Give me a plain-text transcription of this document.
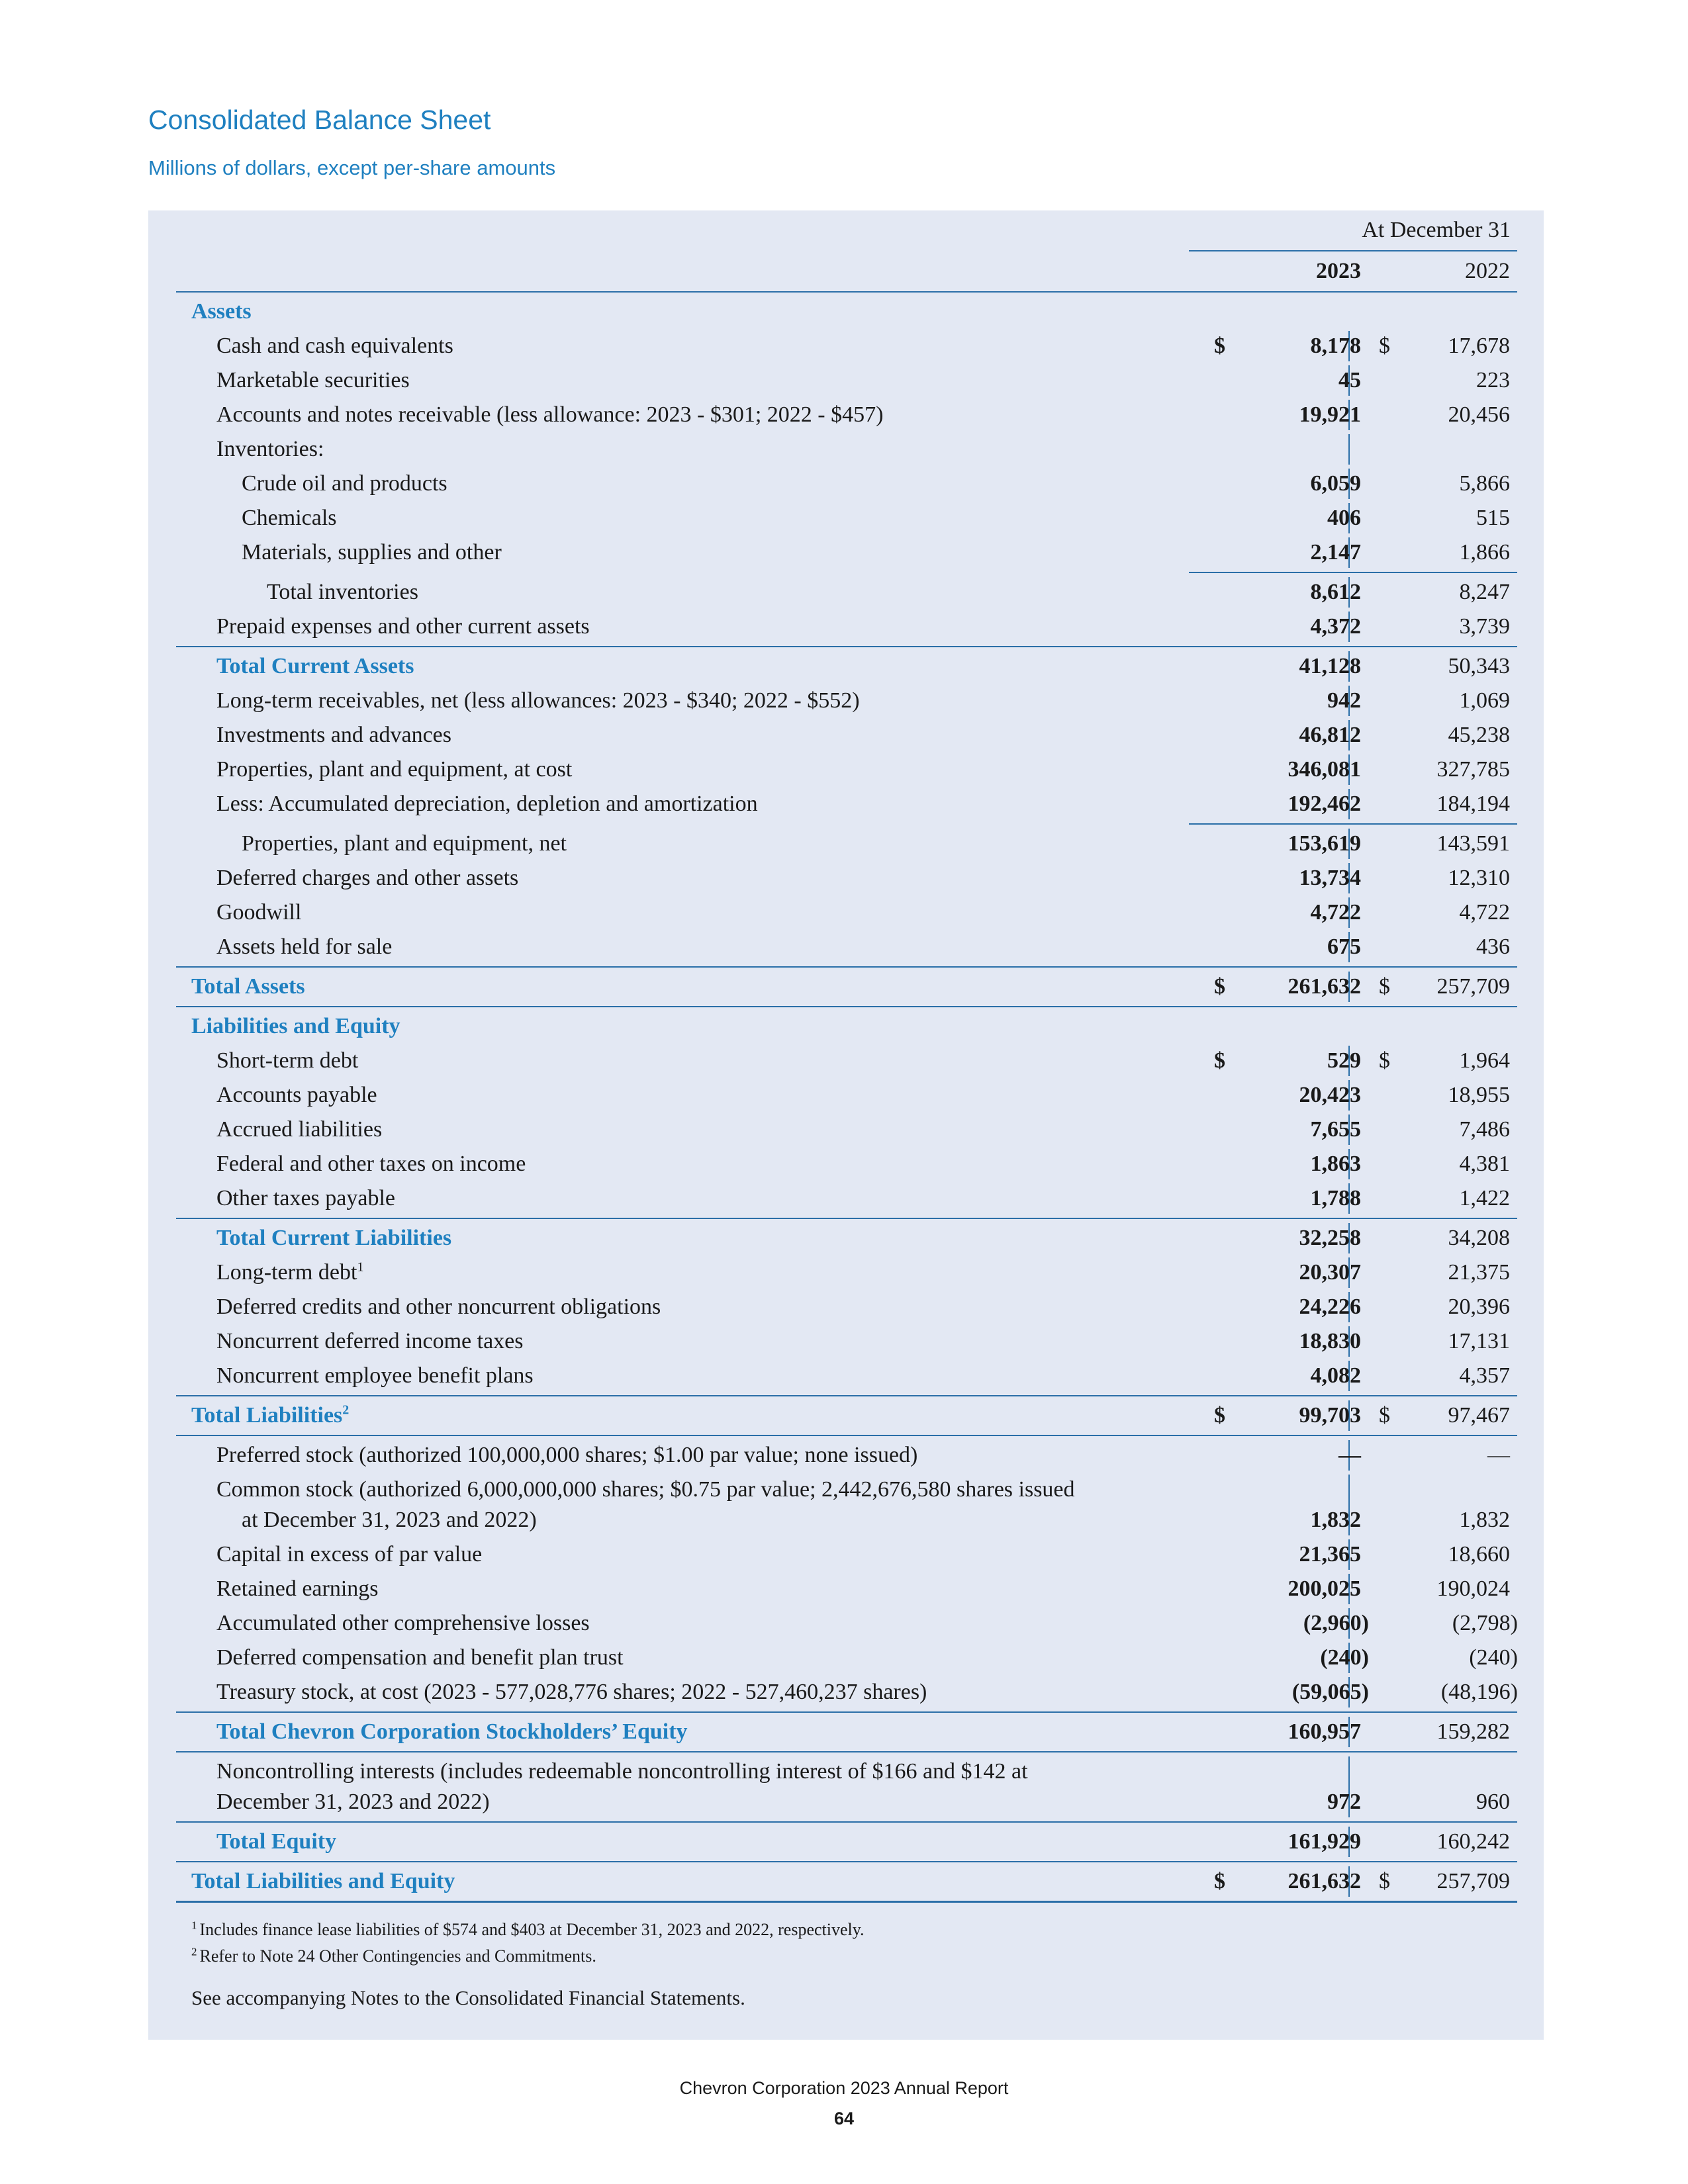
Consolidated Balance Sheet
Millions of dollars, except per-share amounts
At December 31
2023	2022
Assets
Cash and cash equivalents	$	8,178 $	17,678
Marketable securities	45	223
Accounts and notes receivable (less allowance: 2023 - $301; 2022 - $457)	19,921	20,456
Inventories:
Crude oil and products	6,059	5,866
Chemicals	406	515
Materials, supplies and other	2,147	1,866
Total inventories	8,612	8,247
Prepaid expenses and other current assets	4,372	3,739
Total Current Assets	41,128	50,343
Long-term receivables, net (less allowances: 2023 - $340; 2022 - $552)	942	1,069
Investments and advances	46,812	45,238
Properties, plant and equipment, at cost	346,081	327,785
Less: Accumulated depreciation, depletion and amortization	192,462	184,194
Properties, plant and equipment, net	153,619	143,591
Deferred charges and other assets	13,734	12,310
Goodwill	4,722	4,722
Assets held for sale	675	436
Total Assets	$	261,632 $	257,709
Liabilities and Equity
Short-term debt	$	529 $	1,964
Accounts payable	20,423	18,955
Accrued liabilities	7,655	7,486
Federal and other taxes on income	1,863	4,381
Other taxes payable	1,788	1,422
Total Current Liabilities	32,258	34,208
Long-term debt$^1$	20,307	21,375
Deferred credits and other noncurrent obligations	24,226	20,396
Noncurrent deferred income taxes	18,830	17,131
Noncurrent employee benefit plans	4,082	4,357
Total Liabilities$^2$	$	99,703 $	97,467
Preferred stock (authorized 100,000,000 shares; $1.00 par value; none issued)	—	—
Common stock (authorized 6,000,000,000 shares; $0.75 par value; 2,442,676,580 shares issued
at December 31, 2023 and 2022)	1,832	1,832
Capital in excess of par value	21,365	18,660
Retained earnings	200,025	190,024
Accumulated other comprehensive losses	(2,960)	(2,798)
Deferred compensation and benefit plan trust	(240)	(240)
Treasury stock, at cost (2023 - 577,028,776 shares; 2022 - 527,460,237 shares)	(59,065)	(48,196)
Total Chevron Corporation Stockholders’ Equity	160,957	159,282
Noncontrolling interests (includes redeemable noncontrolling interest of $166 and $142 at
December 31, 2023 and 2022)	972	960
Total Equity	161,929	160,242
Total Liabilities and Equity	$	261,632 $	257,709
$^1$ Includes finance lease liabilities of $574 and $403 at December 31, 2023 and 2022, respectively.
$^2$ Refer to Note 24 Other Contingencies and Commitments.
See accompanying Notes to the Consolidated Financial Statements.
Chevron Corporation 2023 Annual Report
64
